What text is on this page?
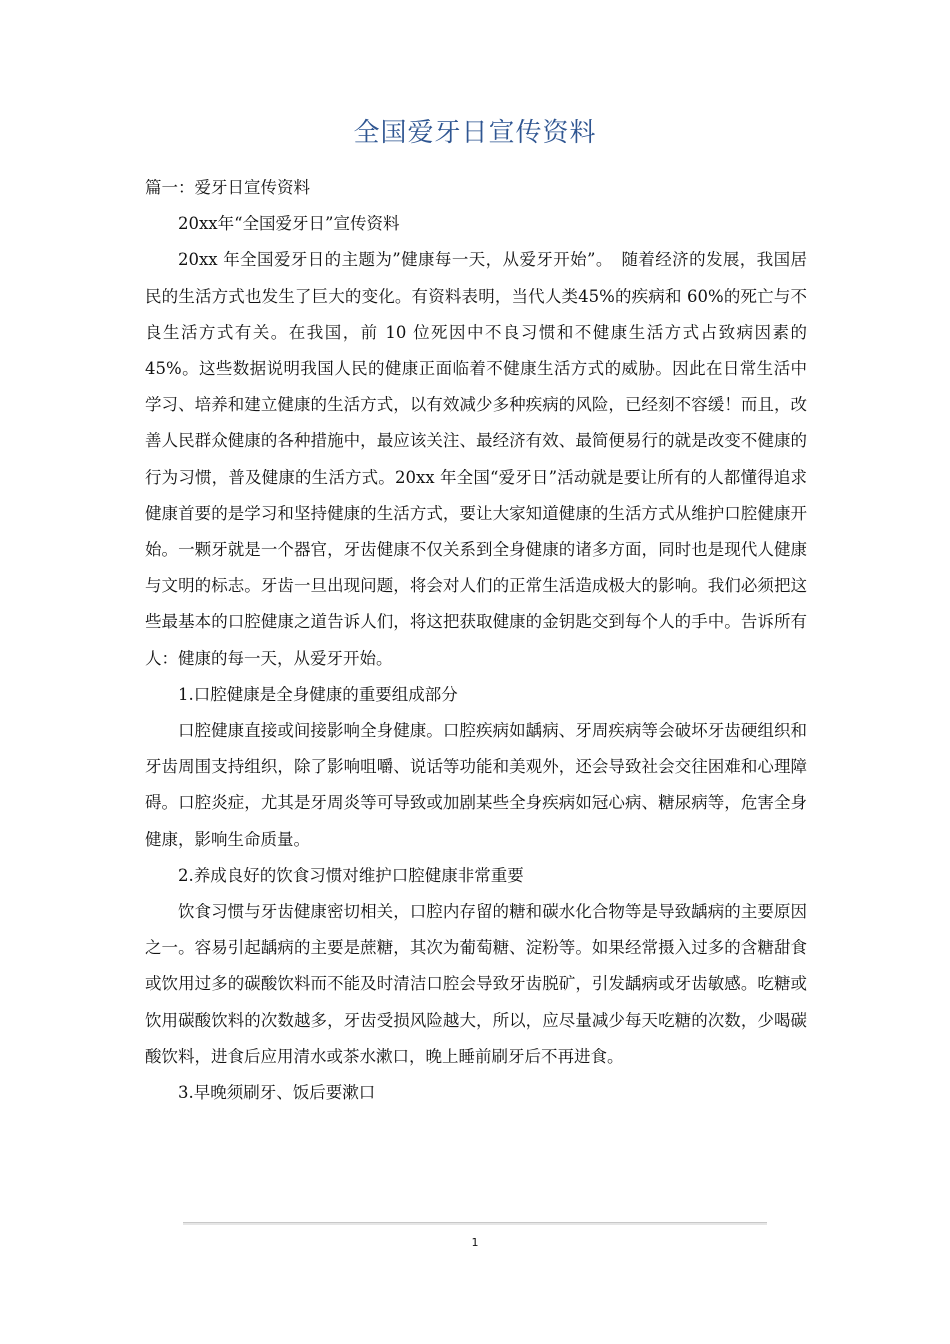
全国爱牙日宣传资料

篇一：爱牙日宣传资料

20xx年“全国爱牙日”宣传资料

20xx 年全国爱牙日的主题为”健康每一天，从爱牙开始”。　随着经济的发展，我国居民的生活方式也发生了巨大的变化。有资料表明，当代人类45%的疾病和 60%的死亡与不良生活方式有关。在我国，前 10 位死因中不良习惯和不健康生活方式占致病因素的 45%。这些数据说明我国人民的健康正面临着不健康生活方式的威胁。因此在日常生活中学习、培养和建立健康的生活方式，以有效减少多种疾病的风险，已经刻不容缓！而且，改善人民群众健康的各种措施中，最应该关注、最经济有效、最简便易行的就是改变不健康的行为习惯，普及健康的生活方式。20xx 年全国“爱牙日”活动就是要让所有的人都懂得追求健康首要的是学习和坚持健康的生活方式，要让大家知道健康的生活方式从维护口腔健康开始。一颗牙就是一个器官，牙齿健康不仅关系到全身健康的诸多方面，同时也是现代人健康与文明的标志。牙齿一旦出现问题，将会对人们的正常生活造成极大的影响。我们必须把这些最基本的口腔健康之道告诉人们，将这把获取健康的金钥匙交到每个人的手中。告诉所有人：健康的每一天，从爱牙开始。

1.口腔健康是全身健康的重要组成部分

口腔健康直接或间接影响全身健康。口腔疾病如龋病、牙周疾病等会破坏牙齿硬组织和牙齿周围支持组织，除了影响咀嚼、说话等功能和美观外，还会导致社会交往困难和心理障碍。口腔炎症，尤其是牙周炎等可导致或加剧某些全身疾病如冠心病、糖尿病等，危害全身健康，影响生命质量。

2.养成良好的饮食习惯对维护口腔健康非常重要

饮食习惯与牙齿健康密切相关，口腔内存留的糖和碳水化合物等是导致龋病的主要原因之一。容易引起龋病的主要是蔗糖，其次为葡萄糖、淀粉等。如果经常摄入过多的含糖甜食或饮用过多的碳酸饮料而不能及时清洁口腔会导致牙齿脱矿，引发龋病或牙齿敏感。吃糖或饮用碳酸饮料的次数越多，牙齿受损风险越大，所以，应尽量减少每天吃糖的次数，少喝碳酸饮料，进食后应用清水或茶水漱口，晚上睡前刷牙后不再进食。

3.早晚须刷牙、饭后要漱口

1
